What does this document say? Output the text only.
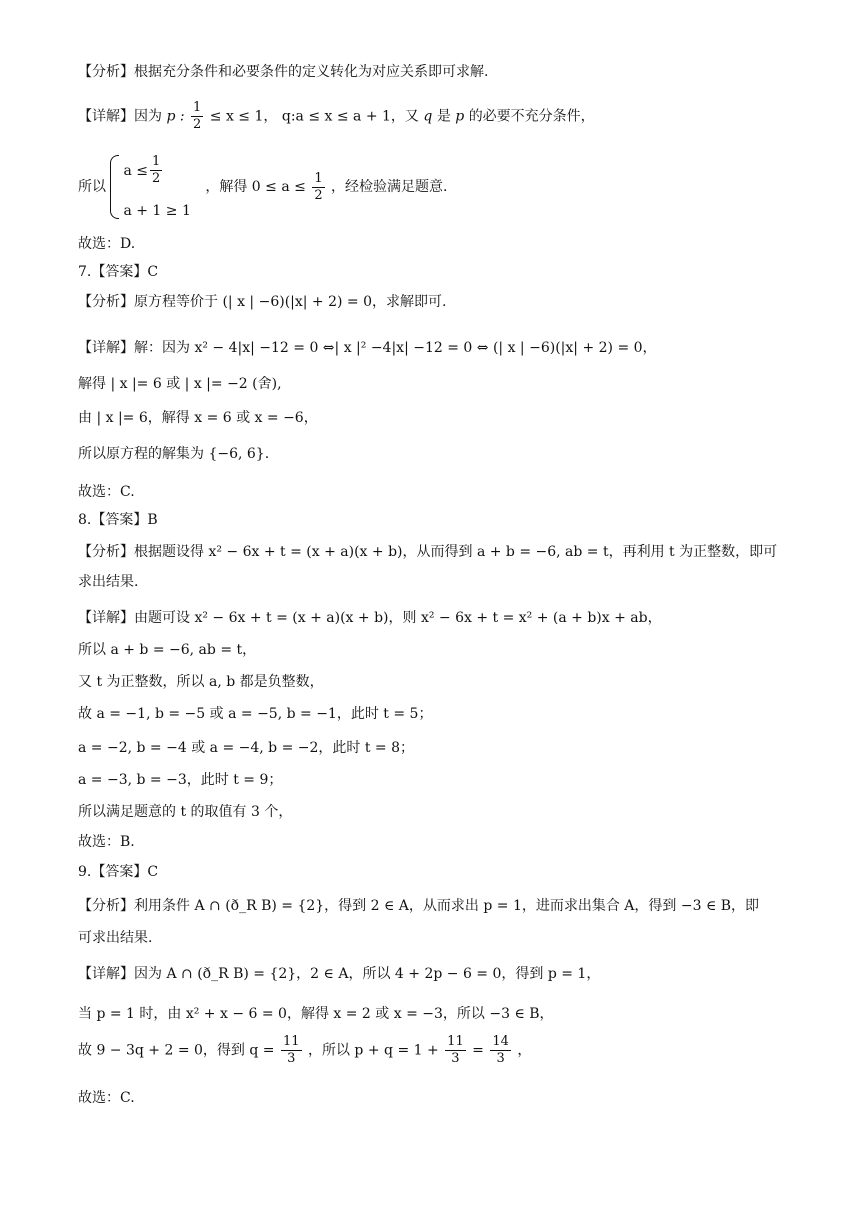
【分析】根据充分条件和必要条件的定义转化为对应关系即可求解.
【详解】因为 p : $\frac{1}{2} \le x \le 1$， q:a ≤ x ≤ a + 1，又 q 是 p 的必要不充分条件，
所以
$a \le \frac{1}{2}$
a + 1 ≥ 1
，解得 $0 \le a \le \frac{1}{2}$ ，经检验满足题意.
故选：D.
7.【答案】C
【分析】原方程等价于 (| x | −6)(|x| + 2) = 0，求解即可.
【详解】解：因为 x² − 4|x| −12 = 0 ⇔| x |² −4|x| −12 = 0 ⇔ (| x | −6)(|x| + 2) = 0，
解得 | x |= 6 或 | x |= −2 (舍),
由 | x |= 6，解得 x = 6 或 x = −6，
所以原方程的解集为 {−6, 6}.
故选：C.
8.【答案】B
【分析】根据题设得 x² − 6x + t = (x + a)(x + b)，从而得到 a + b = −6, ab = t，再利用 t 为正整数，即可
求出结果.
【详解】由题可设 x² − 6x + t = (x + a)(x + b)，则 x² − 6x + t = x² + (a + b)x + ab，
所以 a + b = −6, ab = t，
又 t 为正整数，所以 a, b 都是负整数，
故 a = −1, b = −5 或 a = −5, b = −1，此时 t = 5；
a = −2, b = −4 或 a = −4, b = −2，此时 t = 8；
a = −3, b = −3，此时 t = 9；
所以满足题意的 t 的取值有 3 个，
故选：B.
9.【答案】C
【分析】利用条件 A ∩ (ð_R B) = {2}，得到 2 ∈ A，从而求出 p = 1，进而求出集合 A，得到 −3 ∈ B，即
可求出结果.
【详解】因为 A ∩ (ð_R B) = {2}，2 ∈ A，所以 4 + 2p − 6 = 0，得到 p = 1，
当 p = 1 时，由 x² + x − 6 = 0，解得 x = 2 或 x = −3，所以 −3 ∈ B，
故 9 − 3q + 2 = 0，得到 $q = \frac{11}{3}$ ，所以 $p + q = 1 + \frac{11}{3} = \frac{14}{3}$ ，
故选：C.
